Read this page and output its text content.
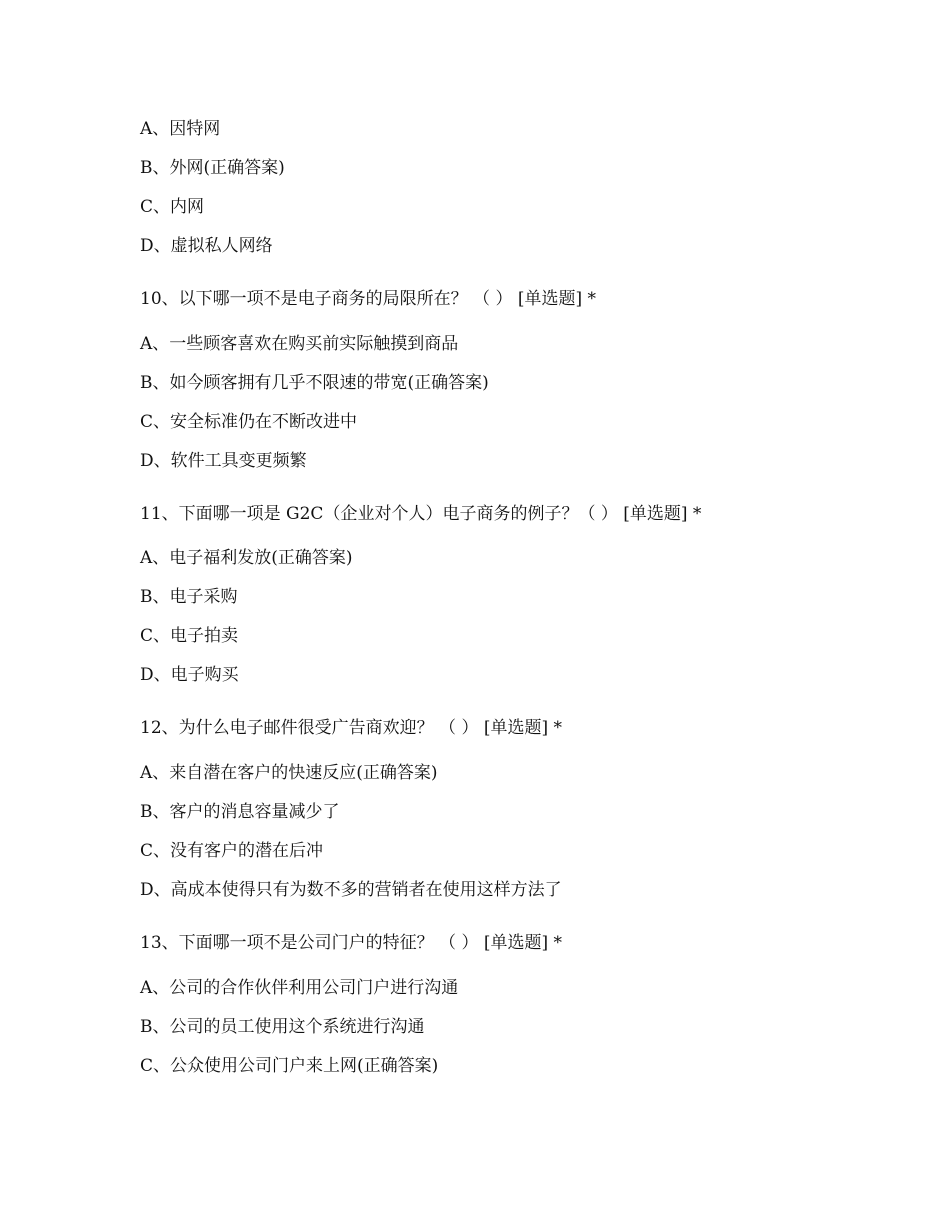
A、因特网
B、外网(正确答案)
C、内网
D、虚拟私人网络
10、以下哪一项不是电子商务的局限所在？ （ ） [单选题] *
A、一些顾客喜欢在购买前实际触摸到商品
B、如今顾客拥有几乎不限速的带宽(正确答案)
C、安全标准仍在不断改进中
D、软件工具变更频繁
11、下面哪一项是 G2C（企业对个人）电子商务的例子？（ ） [单选题] *
A、电子福利发放(正确答案)
B、电子采购
C、电子拍卖
D、电子购买
12、为什么电子邮件很受广告商欢迎？ （ ） [单选题] *
A、来自潜在客户的快速反应(正确答案)
B、客户的消息容量减少了
C、没有客户的潜在后冲
D、高成本使得只有为数不多的营销者在使用这样方法了
13、下面哪一项不是公司门户的特征？ （ ） [单选题] *
A、公司的合作伙伴利用公司门户进行沟通
B、公司的员工使用这个系统进行沟通
C、公众使用公司门户来上网(正确答案)
